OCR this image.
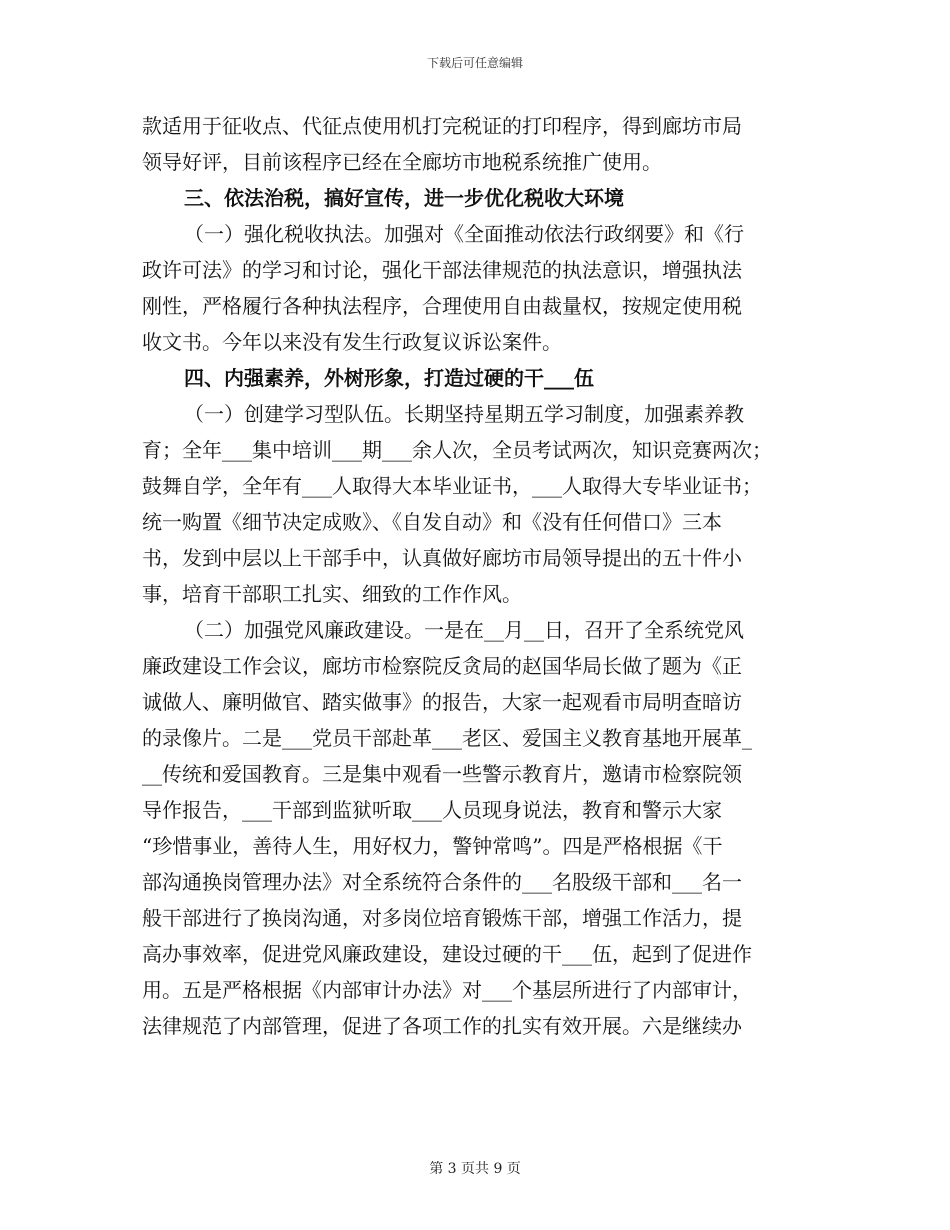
下载后可任意编辑
款适用于征收点、代征点使用机打完税证的打印程序，得到廊坊市局
领导好评，目前该程序已经在全廊坊市地税系统推广使用。
三、依法治税，搞好宣传，进一步优化税收大环境
（一）强化税收执法。加强对《全面推动依法行政纲要》和《行
政许可法》的学习和讨论，强化干部法律规范的执法意识，增强执法
刚性，严格履行各种执法程序，合理使用自由裁量权，按规定使用税
收文书。今年以来没有发生行政复议诉讼案件。
四、内强素养，外树形象，打造过硬的干___伍
（一）创建学习型队伍。长期坚持星期五学习制度，加强素养教
育；全年___集中培训___期___余人次，全员考试两次，知识竞赛两次；
鼓舞自学，全年有___人取得大本毕业证书，___人取得大专毕业证书；
统一购置《细节决定成败》、《自发自动》和《没有任何借口》三本
书，发到中层以上干部手中，认真做好廊坊市局领导提出的五十件小
事，培育干部职工扎实、细致的工作作风。
（二）加强党风廉政建设。一是在__月__日，召开了全系统党风
廉政建设工作会议，廊坊市检察院反贪局的赵国华局长做了题为《正
诚做人、廉明做官、踏实做事》的报告，大家一起观看市局明查暗访
的录像片。二是___党员干部赴革___老区、爱国主义教育基地开展革_
__传统和爱国教育。三是集中观看一些警示教育片，邀请市检察院领
导作报告，___干部到监狱听取___人员现身说法，教育和警示大家
“珍惜事业，善待人生，用好权力，警钟常鸣”。四是严格根据《干
部沟通换岗管理办法》对全系统符合条件的___名股级干部和___名一
般干部进行了换岗沟通，对多岗位培育锻炼干部，增强工作活力，提
高办事效率，促进党风廉政建设，建设过硬的干___伍，起到了促进作
用。五是严格根据《内部审计办法》对___个基层所进行了内部审计，
法律规范了内部管理，促进了各项工作的扎实有效开展。六是继续办
第 3 页共 9 页
